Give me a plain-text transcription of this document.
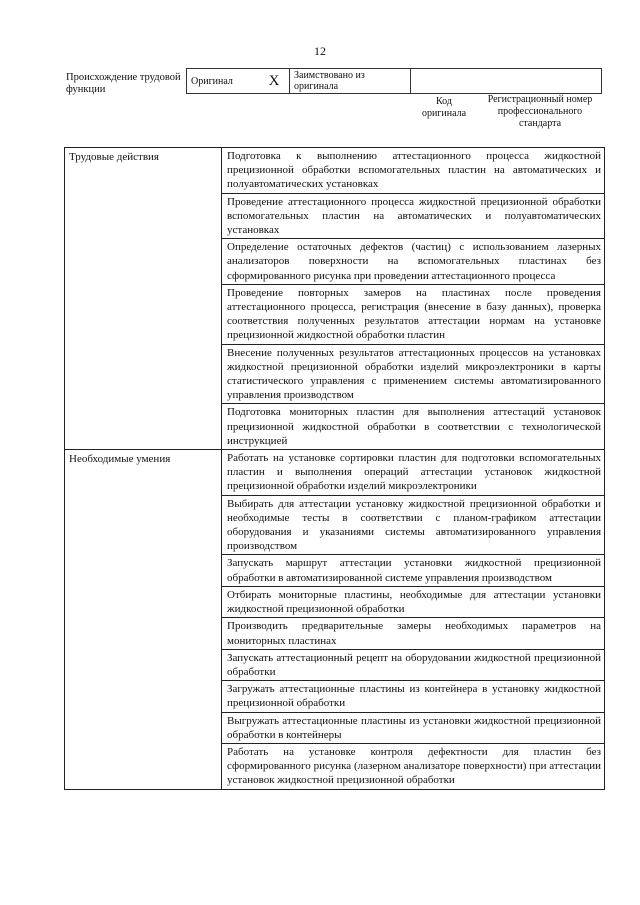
12
Происхождение трудовой функции
Оригинал	X	Заимствовано из оригинала	
Код оригинала
Регистрационный номер профессионального стандарта
Трудовые действия	Подготовка к выполнению аттестационного процесса жидкостной прецизионной обработки вспомогательных пластин на автоматических и полуавтоматических установках
	Проведение аттестационного процесса жидкостной прецизионной обработки вспомогательных пластин на автоматических и полуавтоматических установках
	Определение остаточных дефектов (частиц) с использованием лазерных анализаторов поверхности на вспомогательных пластинах без сформированного рисунка при проведении аттестационного процесса
	Проведение повторных замеров на пластинах после проведения аттестационного процесса, регистрация (внесение в базу данных), проверка соответствия полученных результатов аттестации нормам на установке прецизионной жидкостной обработки пластин
	Внесение полученных результатов аттестационных процессов на установках жидкостной прецизионной обработки изделий микроэлектроники в карты статистического управления с применением системы автоматизированного управления производством
	Подготовка мониторных пластин для выполнения аттестаций установок прецизионной жидкостной обработки в соответствии с технологической инструкцией
Необходимые умения	Работать на установке сортировки пластин для подготовки вспомогательных пластин и выполнения операций аттестации установок жидкостной прецизионной обработки изделий микроэлектроники
	Выбирать для аттестации установку жидкостной прецизионной обработки и необходимые тесты в соответствии с планом-графиком аттестации оборудования и указаниями системы автоматизированного управления производством
	Запускать маршрут аттестации установки жидкостной прецизионной обработки в автоматизированной системе управления производством
	Отбирать мониторные пластины, необходимые для аттестации установки жидкостной прецизионной обработки
	Производить предварительные замеры необходимых параметров на мониторных пластинах
	Запускать аттестационный рецепт на оборудовании жидкостной прецизионной обработки
	Загружать аттестационные пластины из контейнера в установку жидкостной прецизионной обработки
	Выгружать аттестационные пластины из установки жидкостной прецизионной обработки в контейнеры
	Работать на установке контроля дефектности для пластин без сформированного рисунка (лазерном анализаторе поверхности) при аттестации установок жидкостной прецизионной обработки
